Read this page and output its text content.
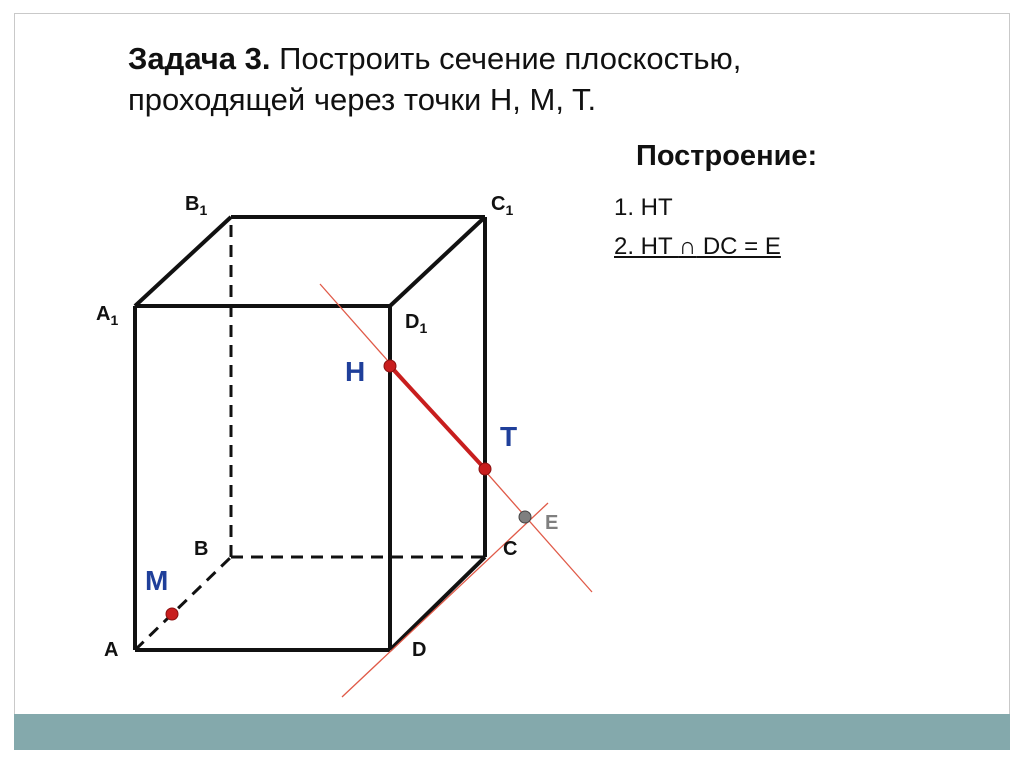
Задача 3. Построить сечение плоскостью,
проходящей через точки H, M, T.
Построение:
1. HT
2. HT ∩ DC = E
$B_1$	$C_1$
$A_1$	$D_1$
B	C
A	D
H
T
M
E
